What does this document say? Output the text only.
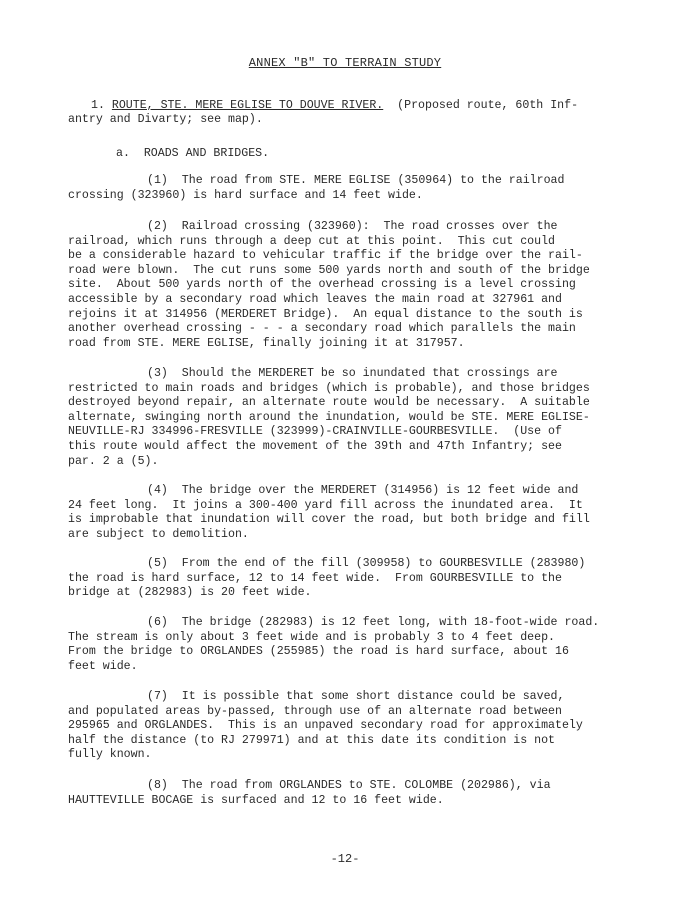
ANNEX "B" TO TERRAIN STUDY
1. ROUTE, STE. MERE EGLISE TO DOUVE RIVER. (Proposed route, 60th Inf-
antry and Divarty; see map).
a.  ROADS AND BRIDGES.
(1)  The road from STE. MERE EGLISE (350964) to the railroad
crossing (323960) is hard surface and 14 feet wide.
(2)  Railroad crossing (323960):  The road crosses over the
railroad, which runs through a deep cut at this point.  This cut could
be a considerable hazard to vehicular traffic if the bridge over the rail-
road were blown.  The cut runs some 500 yards north and south of the bridge
site.  About 500 yards north of the overhead crossing is a level crossing
accessible by a secondary road which leaves the main road at 327961 and
rejoins it at 314956 (MERDERET Bridge).  An equal distance to the south is
another overhead crossing - - - a secondary road which parallels the main
road from STE. MERE EGLISE, finally joining it at 317957.
(3)  Should the MERDERET be so inundated that crossings are
restricted to main roads and bridges (which is probable), and those bridges
destroyed beyond repair, an alternate route would be necessary.  A suitable
alternate, swinging north around the inundation, would be STE. MERE EGLISE-
NEUVILLE-RJ 334996-FRESVILLE (323999)-CRAINVILLE-GOURBESVILLE.  (Use of
this route would affect the movement of the 39th and 47th Infantry; see
par. 2 a (5).
(4)  The bridge over the MERDERET (314956) is 12 feet wide and
24 feet long.  It joins a 300-400 yard fill across the inundated area.  It
is improbable that inundation will cover the road, but both bridge and fill
are subject to demolition.
(5)  From the end of the fill (309958) to GOURBESVILLE (283980)
the road is hard surface, 12 to 14 feet wide.  From GOURBESVILLE to the
bridge at (282983) is 20 feet wide.
(6)  The bridge (282983) is 12 feet long, with 18-foot-wide road.
The stream is only about 3 feet wide and is probably 3 to 4 feet deep.
From the bridge to ORGLANDES (255985) the road is hard surface, about 16
feet wide.
(7)  It is possible that some short distance could be saved,
and populated areas by-passed, through use of an alternate road between
295965 and ORGLANDES.  This is an unpaved secondary road for approximately
half the distance (to RJ 279971) and at this date its condition is not
fully known.
(8)  The road from ORGLANDES to STE. COLOMBE (202986), via
HAUTTEVILLE BOCAGE is surfaced and 12 to 16 feet wide.
-12-
